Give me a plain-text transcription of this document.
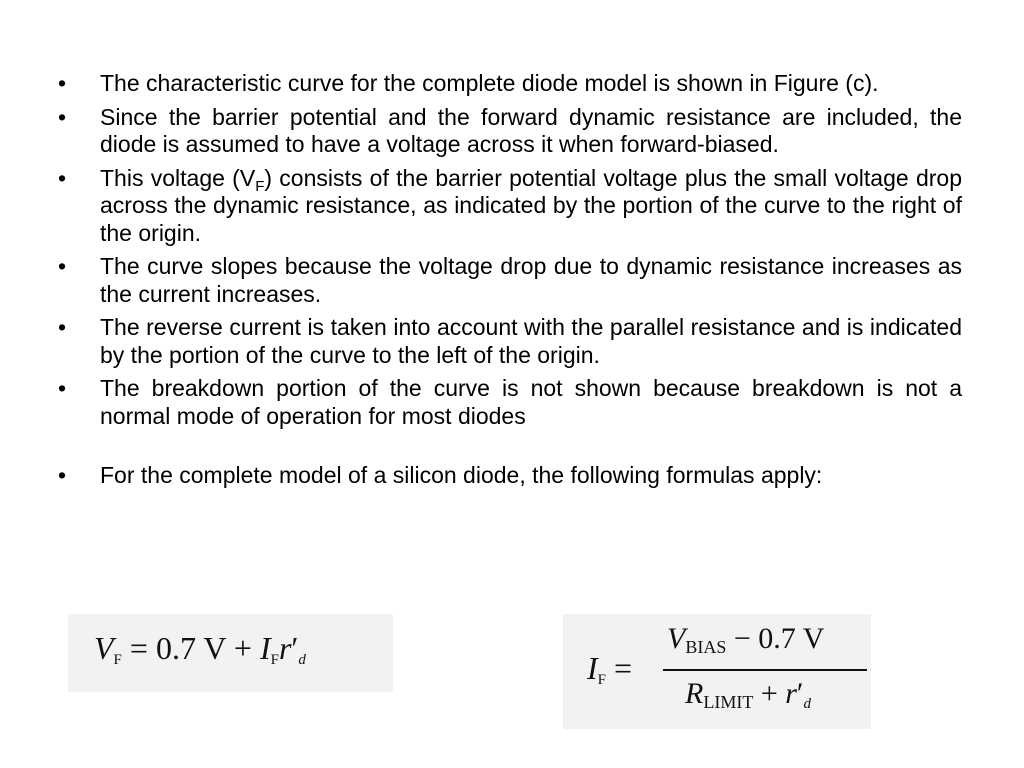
• The characteristic curve for the complete diode model is shown in Figure (c).
• Since the barrier potential and the forward dynamic resistance are included, the diode is assumed to have a voltage across it when forward-biased.
• This voltage $(V_F)$ consists of the barrier potential voltage plus the small voltage drop across the dynamic resistance, as indicated by the portion of the curve to the right of the origin.
• The curve slopes because the voltage drop due to dynamic resistance increases as the current increases.
• The reverse current is taken into account with the parallel resistance and is indicated by the portion of the curve to the left of the origin.
• The breakdown portion of the curve is not shown because breakdown is not a normal mode of operation for most diodes
• For the complete model of a silicon diode, the following formulas apply:
$V_F = 0.7$ $V + I_Fr'_d$	$I_F$ =
$V_{BIAS} - 0.7$ V
$R_{LIMIT} + r'_d$
